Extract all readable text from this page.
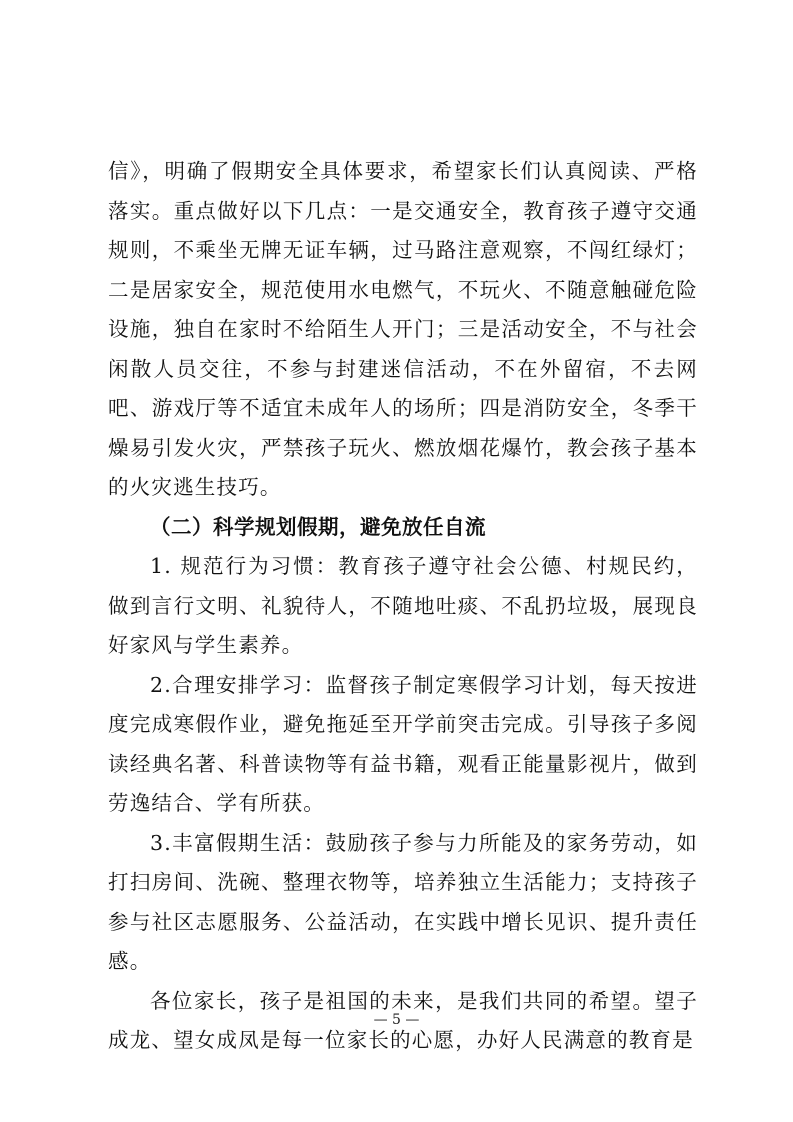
信》，明确了假期安全具体要求，希望家长们认真阅读、严格落实。重点做好以下几点：一是交通安全，教育孩子遵守交通规则，不乘坐无牌无证车辆，过马路注意观察，不闯红绿灯；二是居家安全，规范使用水电燃气，不玩火、不随意触碰危险设施，独自在家时不给陌生人开门；三是活动安全，不与社会闲散人员交往，不参与封建迷信活动，不在外留宿，不去网吧、游戏厅等不适宜未成年人的场所；四是消防安全，冬季干燥易引发火灾，严禁孩子玩火、燃放烟花爆竹，教会孩子基本的火灾逃生技巧。

（二）科学规划假期，避免放任自流

1. 规范行为习惯：教育孩子遵守社会公德、村规民约，做到言行文明、礼貌待人，不随地吐痰、不乱扔垃圾，展现良好家风与学生素养。

2.合理安排学习：监督孩子制定寒假学习计划，每天按进度完成寒假作业，避免拖延至开学前突击完成。引导孩子多阅读经典名著、科普读物等有益书籍，观看正能量影视片，做到劳逸结合、学有所获。

3.丰富假期生活：鼓励孩子参与力所能及的家务劳动，如打扫房间、洗碗、整理衣物等，培养独立生活能力；支持孩子参与社区志愿服务、公益活动，在实践中增长见识、提升责任感。

各位家长，孩子是祖国的未来，是我们共同的希望。望子成龙、望女成凤是每一位家长的心愿，办好人民满意的教育是

— 5 —
